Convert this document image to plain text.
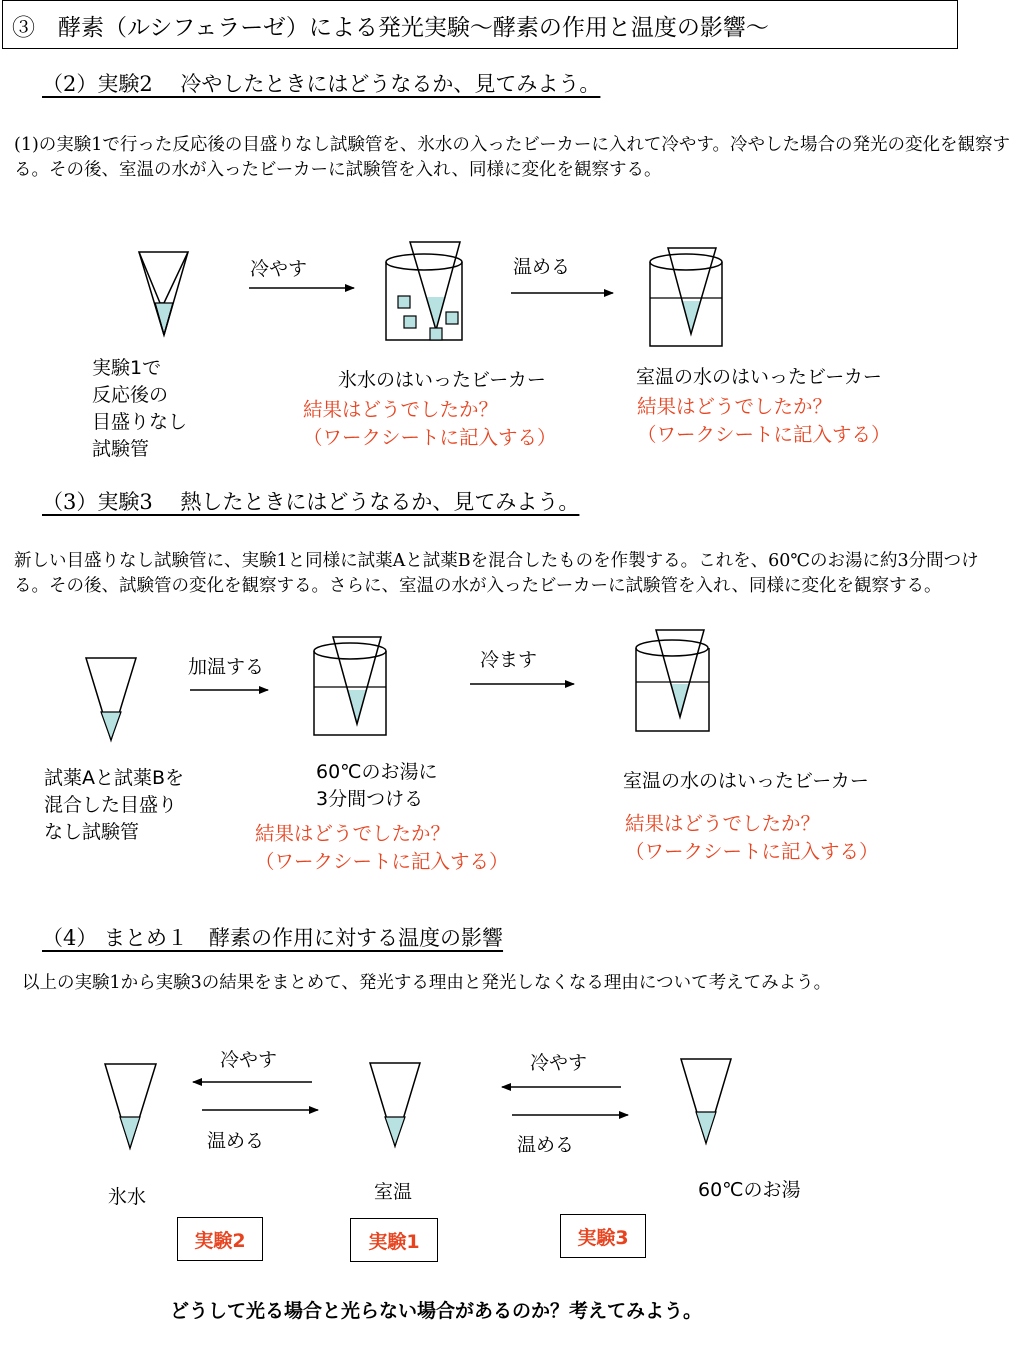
③　酵素（ルシフェラーゼ）による発光実験～酵素の作用と温度の影響～
（2）実験2　 冷やしたときにはどうなるか、見てみよう。
(1)の実験1で行った反応後の目盛りなし試験管を、氷水の入ったビーカーに入れて冷やす。冷やした場合の発光の変化を観察する。その後、室温の水が入ったビーカーに試験管を入れ、同様に変化を観察する。
冷やす	温める
実験1で
反応後の
目盛りなし
試験管
氷水のはいったビーカー	室温の水のはいったビーカー
結果はどうでしたか？
（ワークシートに記入する）
結果はどうでしたか？
（ワークシートに記入する）
（3）実験3　 熱したときにはどうなるか、見てみよう。
新しい目盛りなし試験管に、実験1と同様に試薬Aと試薬Bを混合したものを作製する。これを、60℃のお湯に約3分間つける。その後、試験管の変化を観察する。さらに、室温の水が入ったビーカーに試験管を入れ、同様に変化を観察する。
加温する	冷ます
試薬Aと試薬Bを
混合した目盛り
なし試験管
60℃のお湯に
3分間つける
室温の水のはいったビーカー
結果はどうでしたか？
（ワークシートに記入する）
結果はどうでしたか？
（ワークシートに記入する）
（4） まとめ１　酵素の作用に対する温度の影響
以上の実験1から実験3の結果をまとめて、発光する理由と発光しなくなる理由について考えてみよう。
冷やす
温める
冷やす
温める
氷水	室温	60℃のお湯
実験2	実験1	実験3
どうして光る場合と光らない場合があるのか？考えてみよう。
